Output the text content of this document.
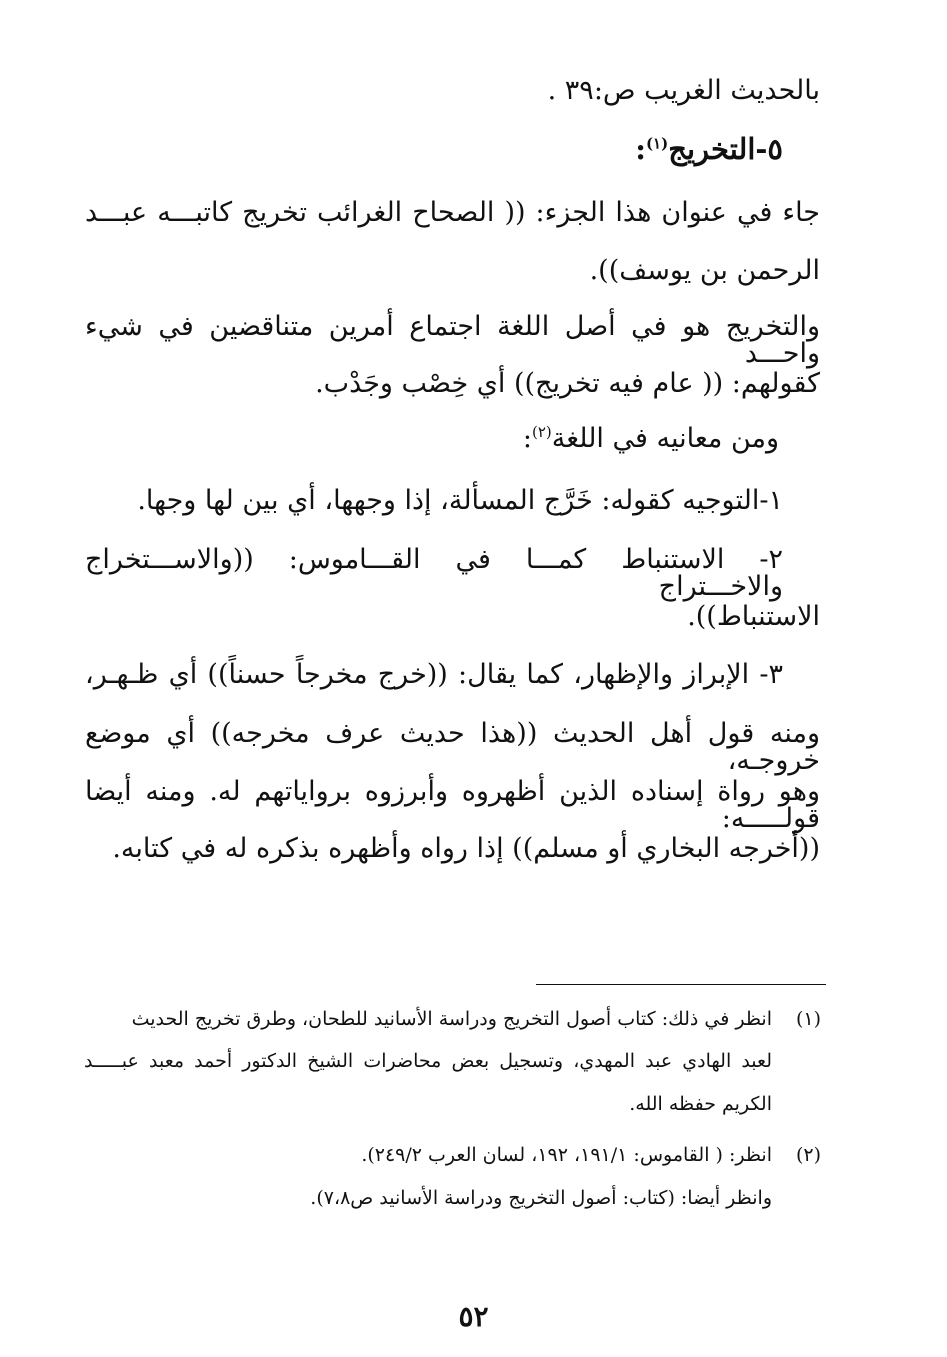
بالحديث الغريب ص:٣٩ .
٥-التخريج$^{(١)}$:
جاء في عنوان هذا الجزء: (( الصحاح الغرائب تخريج كاتبـــه عبـــد
الرحمن بن يوسف)).
والتخريج هو في أصل اللغة اجتماع أمرين متناقضين في شيء واحـــد
كقولهم: (( عام فيه تخريج)) أي خِصْب وجَدْب.
ومن معانيه في اللغة$^{(٢)}$:
١-التوجيه كقوله: خَرَّج المسألة، إذا وجهها، أي بين لها وجها.
٢- الاستنباط كمـــا في القـــاموس: ((والاســـتخراج والاخـــتراج
الاستنباط)).
٣- الإبراز والإظهار، كما يقال: ((خرج مخرجاً حسناً)) أي ظـهـر،
ومنه قول أهل الحديث ((هذا حديث عرف مخرجه)) أي موضع خروجـه،
وهو رواة إسناده الذين أظهروه وأبرزوه برواياتهم له. ومنه أيضا قولـــــه:
((أخرجه البخاري أو مسلم)) إذا رواه وأظهره بذكره له في كتابه.
(١)
انظر في ذلك: كتاب أصول التخريج ودراسة الأسانيد للطحان، وطرق تخريج الحديث
لعبد الهادي عبد المهدي، وتسجيل بعض محاضرات الشيخ الدكتور أحمد معبد عبـــــد
الكريم حفظه الله.
(٢)
انظر: ( القاموس: ١٩١/١، ١٩٢، لسان العرب ٢٤٩/٢).
وانظر أيضا: (كتاب: أصول التخريج ودراسة الأسانيد ص٧،٨).
٥٢
